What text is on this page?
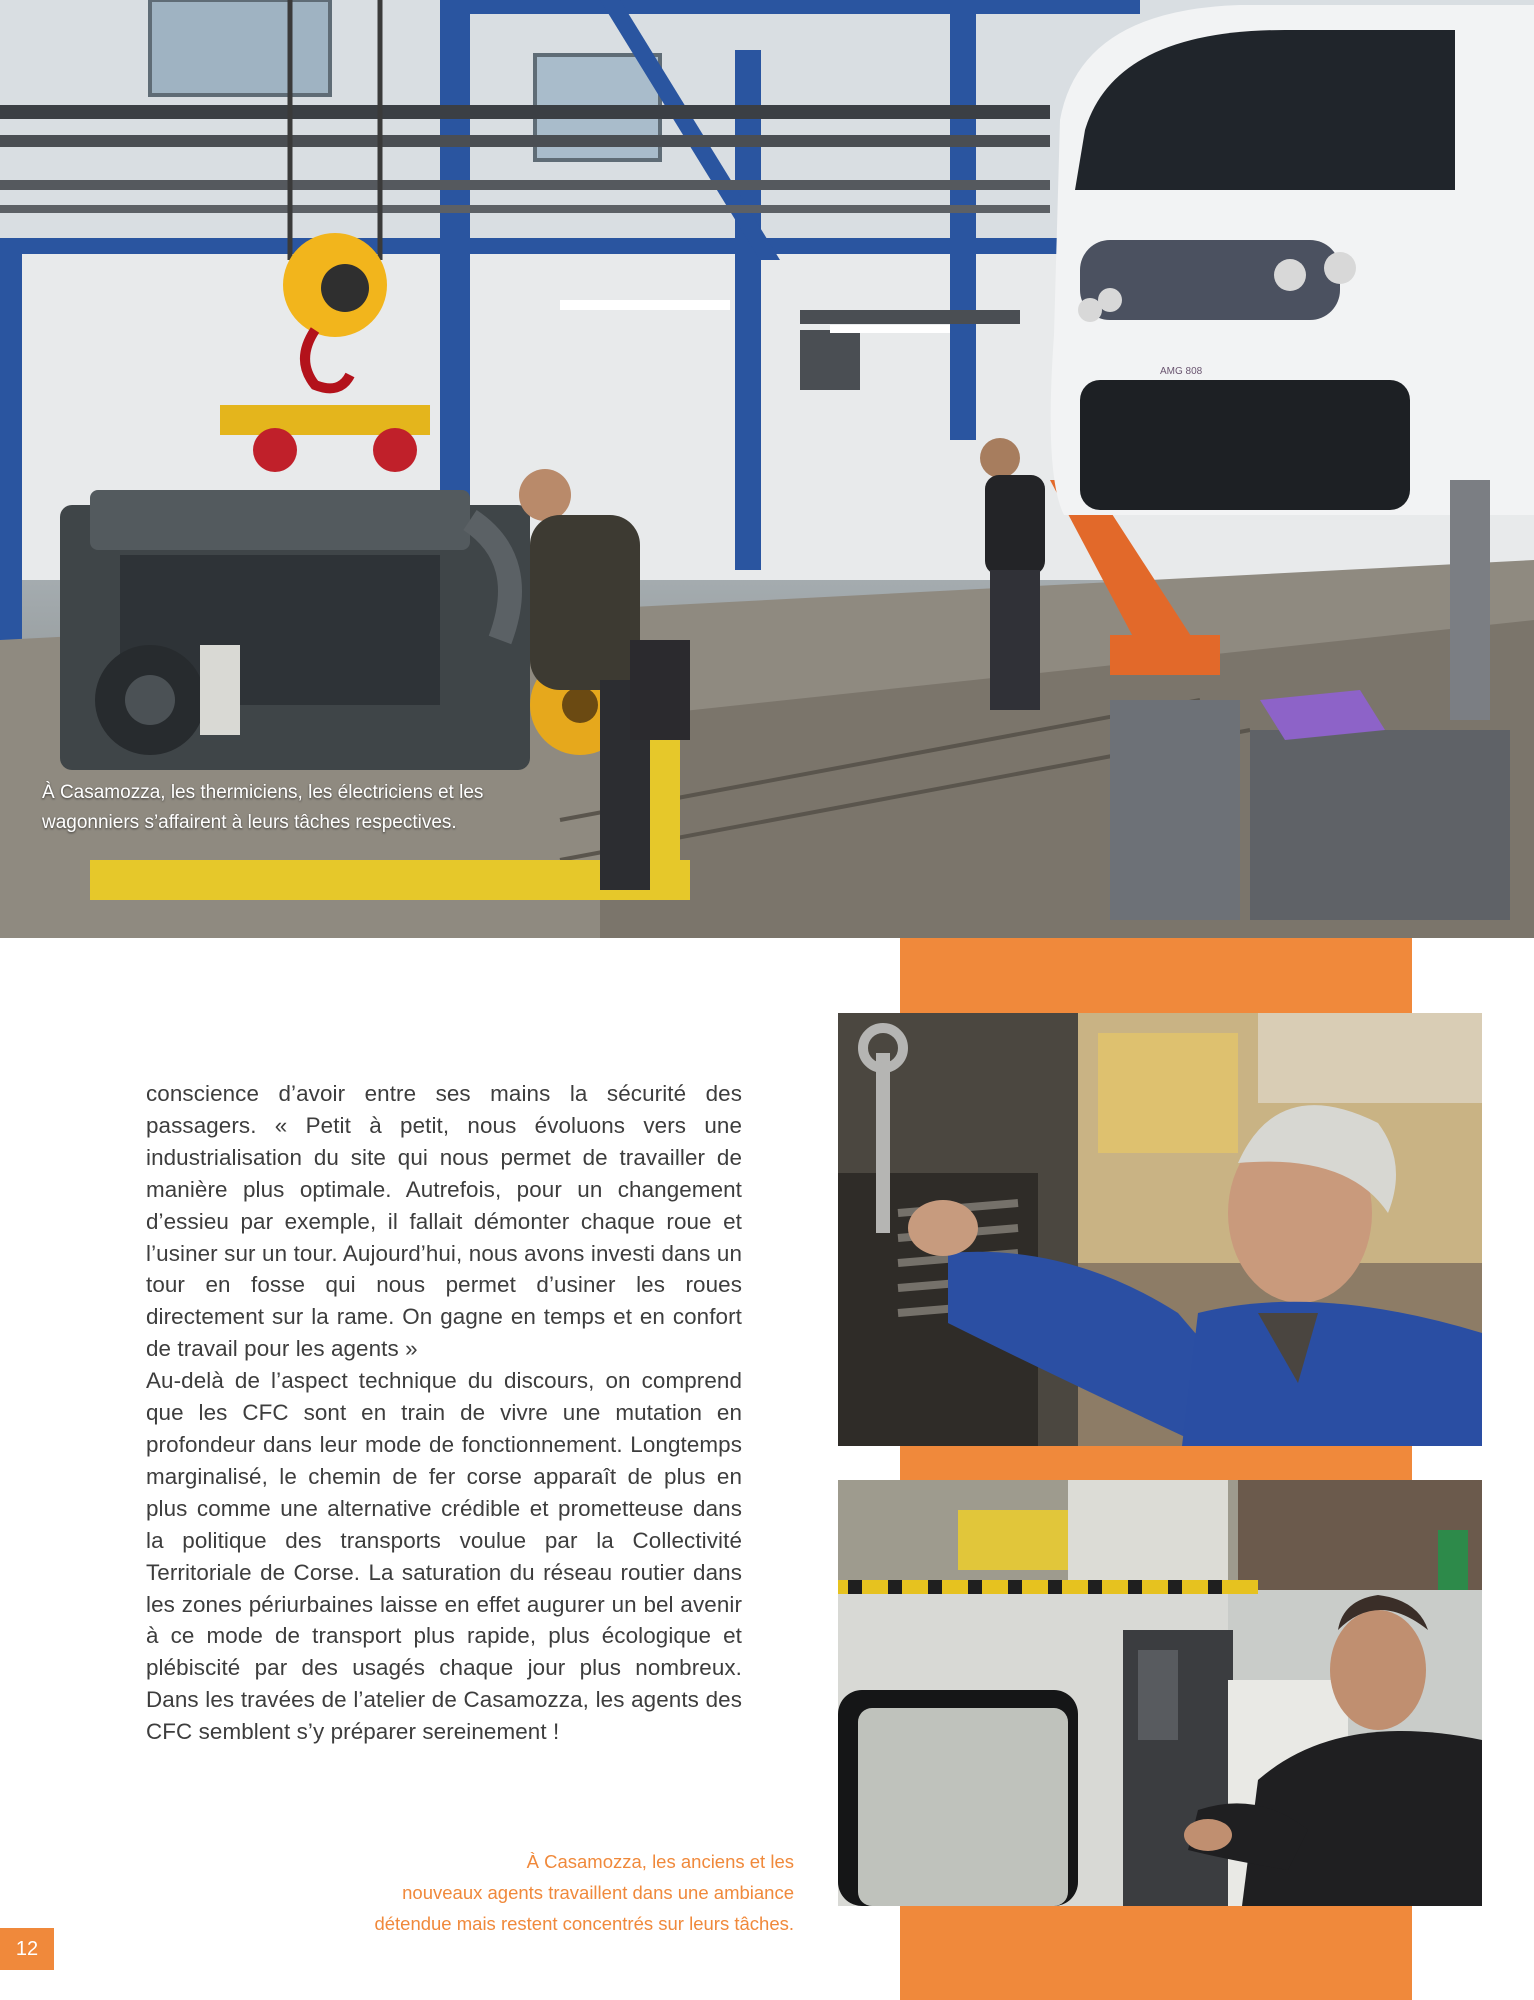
AMG 808
À Casamozza, les thermiciens, les électriciens et les
wagonniers s’affairent à leurs tâches respectives.

conscience d’avoir entre ses mains la sécurité des passagers. « Petit à petit, nous évoluons vers une industrialisation du site qui nous permet de travailler de manière plus optimale. Autrefois, pour un changement d’essieu par exemple, il fallait démonter chaque roue et l’usiner sur un tour. Aujourd’hui, nous avons investi dans un tour en fosse qui nous permet d’usiner les roues directement sur la rame. On gagne en temps et en confort de travail pour les agents »

Au-delà de l’aspect technique du discours, on comprend que les CFC sont en train de vivre une mutation en profondeur dans leur mode de fonctionnement. Longtemps marginalisé, le chemin de fer corse apparaît de plus en plus comme une alternative crédible et prometteuse dans la politique des transports voulue par la Collectivité Territoriale de Corse. La saturation du réseau routier dans les zones périurbaines laisse en effet augurer un bel avenir à ce mode de transport plus rapide, plus écologique et plébiscité par des usagés chaque jour plus nombreux. Dans les travées de l’atelier de Casamozza, les agents des CFC semblent s’y préparer sereinement !

À Casamozza, les anciens et les
nouveaux agents travaillent dans une ambiance
détendue mais restent concentrés sur leurs tâches.
12
